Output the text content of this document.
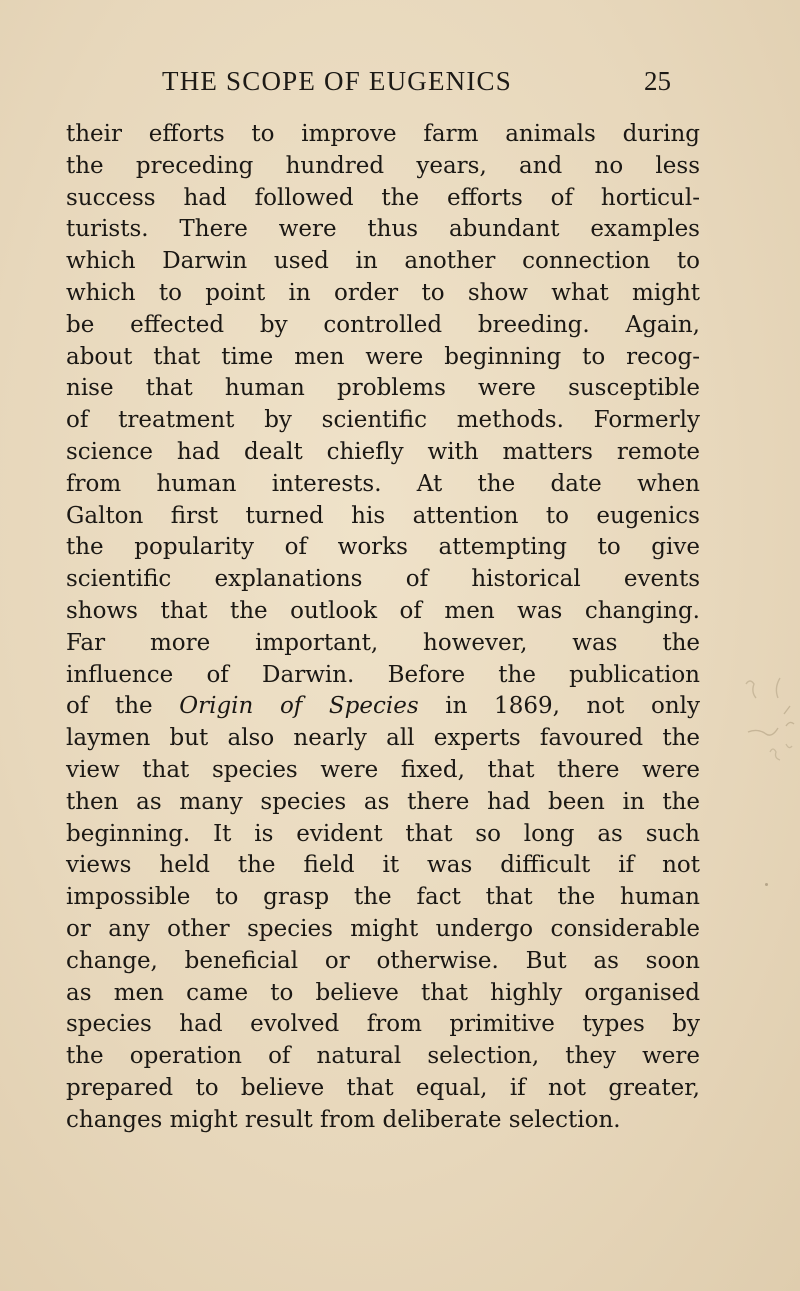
THE SCOPE OF EUGENICS	25
their efforts to improve farm animals during
the preceding hundred years, and no less
success had followed the efforts of horticul-
turists. There were thus abundant examples
which Darwin used in another connection to
which to point in order to show what might
be effected by controlled breeding. Again,
about that time men were beginning to recog-
nise that human problems were susceptible
of treatment by scientific methods. Formerly
science had dealt chiefly with matters remote
from human interests. At the date when
Galton first turned his attention to eugenics
the popularity of works attempting to give
scientific explanations of historical events
shows that the outlook of men was changing.
Far more important, however, was the
influence of Darwin. Before the publication
of the Origin of Species in 1869, not only
laymen but also nearly all experts favoured the
view that species were fixed, that there were
then as many species as there had been in the
beginning. It is evident that so long as such
views held the field it was difficult if not
impossible to grasp the fact that the human
or any other species might undergo considerable
change, beneficial or otherwise. But as soon
as men came to believe that highly organised
species had evolved from primitive types by
the operation of natural selection, they were
prepared to believe that equal, if not greater,
changes might result from deliberate selection.
